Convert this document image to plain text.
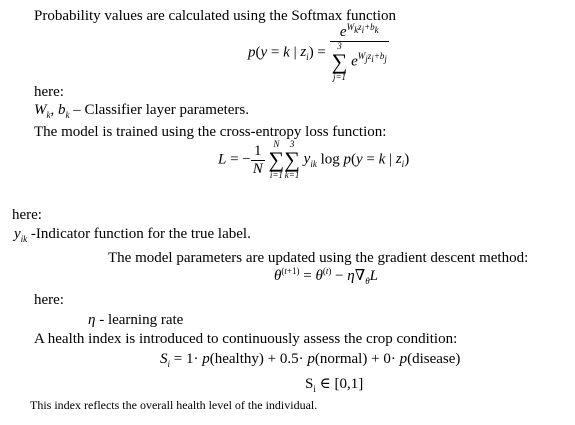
Probability values are calculated using the Softmax function
p(y = k | $z_i) = e^{W_kz_i+b_k}$
3
∑
j=1
$e^{W_jz_i+b_j}$
here:
$W_k$, $b_k$ – Classifier layer parameters.
The model is trained using the cross-entropy loss function:
L = − $\frac{1}{N}$
N
∑
i=1
3
∑
k=1
$y_{ik}$ log p(y = k | $z_i$)
here:
$y_{ik}$ -Indicator function for the true label.
The model parameters are updated using the gradient descent method:
$\theta^{(t+1)} = \theta^{(t)} - \eta\nabla_\theta L$
here:
η - learning rate
A health index is introduced to continuously assess the crop condition:
$S_i = 1\cdot$ p(healthy) + 0.5· p(normal) + 0· p(disease)
$S_i$ ∈ [0,1]
This index reflects the overall health level of the individual.
